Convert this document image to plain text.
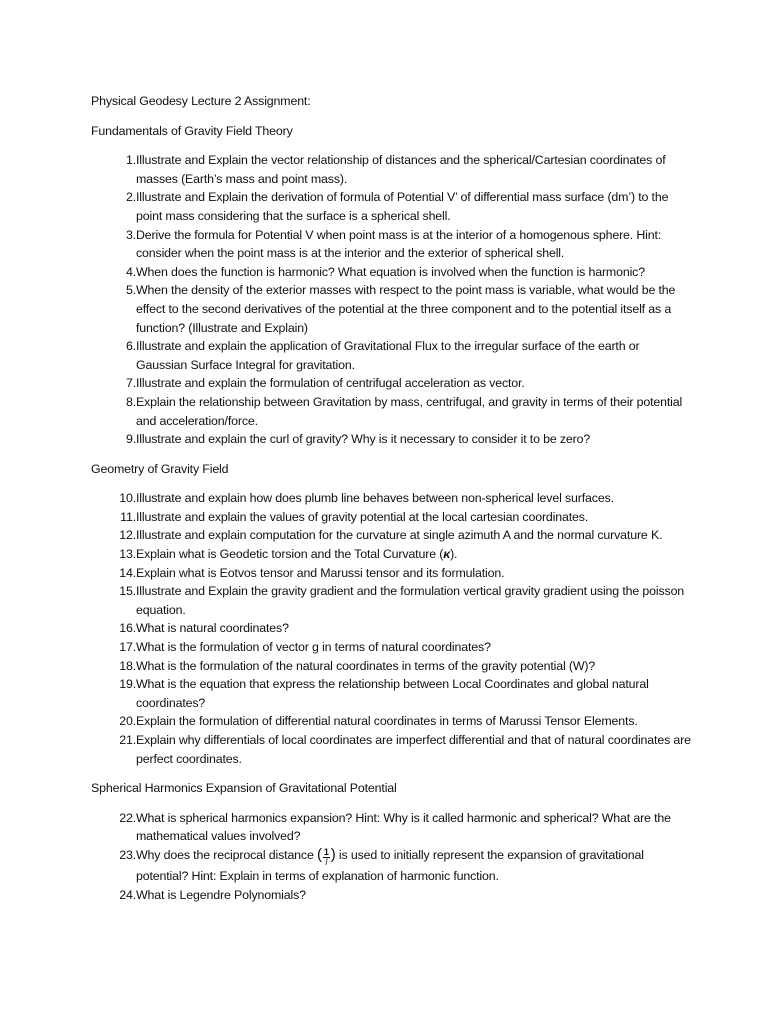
Physical Geodesy Lecture 2 Assignment:

Fundamentals of Gravity Field Theory

1. Illustrate and Explain the vector relationship of distances and the spherical/Cartesian coordinates of masses (Earth’s mass and point mass).
2. Illustrate and Explain the derivation of formula of Potential V’ of differential mass surface (dm’) to the point mass considering that the surface is a spherical shell.
3. Derive the formula for Potential V when point mass is at the interior of a homogenous sphere. Hint: consider when the point mass is at the interior and the exterior of spherical shell.
4. When does the function is harmonic? What equation is involved when the function is harmonic?
5. When the density of the exterior masses with respect to the point mass is variable, what would be the effect to the second derivatives of the potential at the three component and to the potential itself as a function? (Illustrate and Explain)
6. Illustrate and explain the application of Gravitational Flux to the irregular surface of the earth or Gaussian Surface Integral for gravitation.
7. Illustrate and explain the formulation of centrifugal acceleration as vector.
8. Explain the relationship between Gravitation by mass, centrifugal, and gravity in terms of their potential and acceleration/force.
9. Illustrate and explain the curl of gravity? Why is it necessary to consider it to be zero?

Geometry of Gravity Field

10. Illustrate and explain how does plumb line behaves between non-spherical level surfaces.
11. Illustrate and explain the values of gravity potential at the local cartesian coordinates.
12. Illustrate and explain computation for the curvature at single azimuth A and the normal curvature K.
13. Explain what is Geodetic torsion and the Total Curvature (κ).
14. Explain what is Eotvos tensor and Marussi tensor and its formulation.
15. Illustrate and Explain the gravity gradient and the formulation vertical gravity gradient using the poisson equation.
16. What is natural coordinates?
17. What is the formulation of vector g in terms of natural coordinates?
18. What is the formulation of the natural coordinates in terms of the gravity potential (W)?
19. What is the equation that express the relationship between Local Coordinates and global natural coordinates?
20. Explain the formulation of differential natural coordinates in terms of Marussi Tensor Elements.
21. Explain why differentials of local coordinates are imperfect differential and that of natural coordinates are perfect coordinates.

Spherical Harmonics Expansion of Gravitational Potential

22. What is spherical harmonics expansion? Hint: Why is it called harmonic and spherical? What are the mathematical values involved?
23. Why does the reciprocal distance ( $\frac{1}{l}$ ) is used to initially represent the expansion of gravitational potential? Hint: Explain in terms of explanation of harmonic function.
24. What is Legendre Polynomials?
